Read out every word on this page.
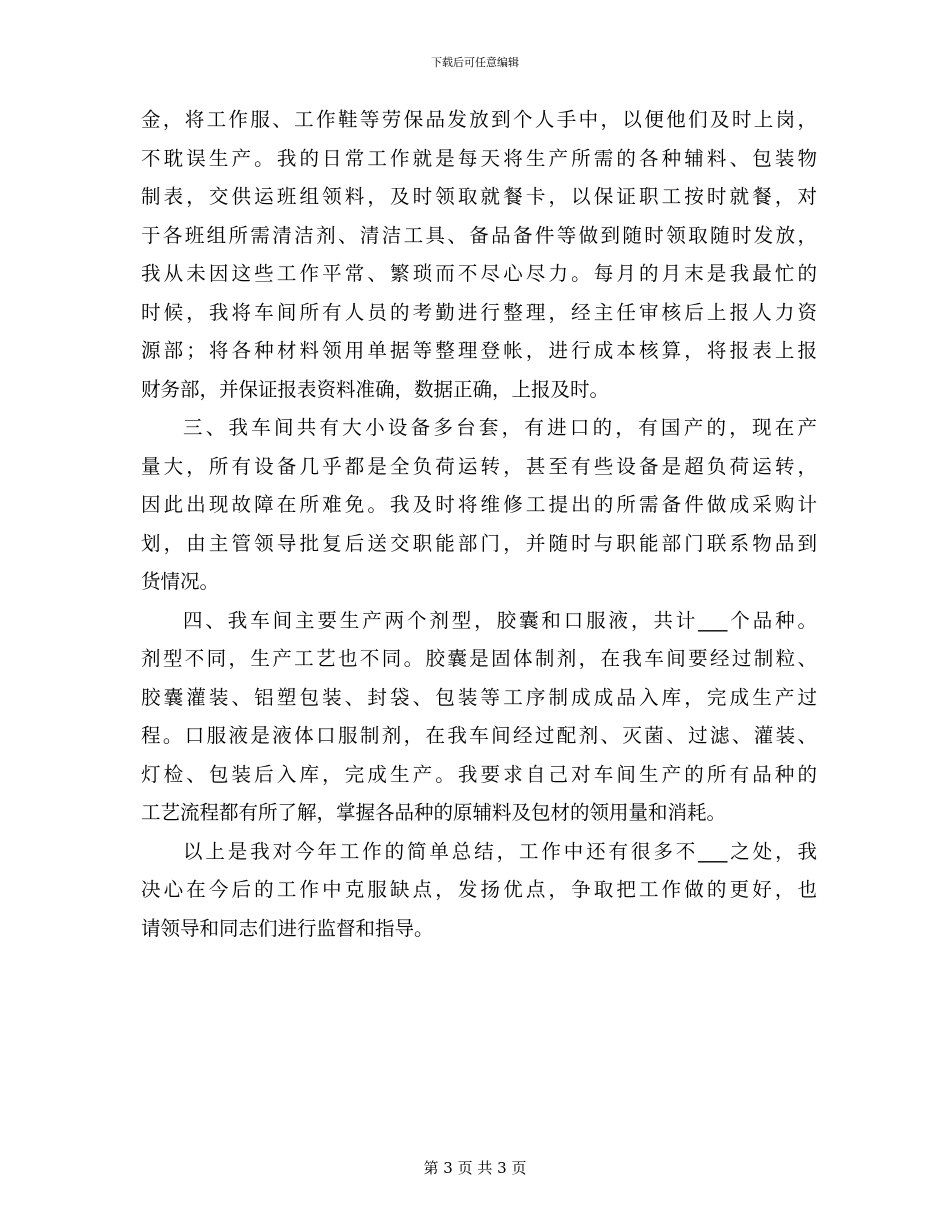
下载后可任意编辑
金，将工作服、工作鞋等劳保品发放到个人手中，以便他们及时上岗，
不耽误生产。我的日常工作就是每天将生产所需的各种辅料、包装物
制表，交供运班组领料，及时领取就餐卡，以保证职工按时就餐，对
于各班组所需清洁剂、清洁工具、备品备件等做到随时领取随时发放，
我从未因这些工作平常、繁琐而不尽心尽力。每月的月末是我最忙的
时候，我将车间所有人员的考勤进行整理，经主任审核后上报人力资
源部；将各种材料领用单据等整理登帐，进行成本核算，将报表上报
财务部，并保证报表资料准确，数据正确，上报及时。
三、我车间共有大小设备多台套，有进口的，有国产的，现在产
量大，所有设备几乎都是全负荷运转，甚至有些设备是超负荷运转，
因此出现故障在所难免。我及时将维修工提出的所需备件做成采购计
划，由主管领导批复后送交职能部门，并随时与职能部门联系物品到
货情况。
四、我车间主要生产两个剂型，胶囊和口服液，共计___个品种。
剂型不同，生产工艺也不同。胶囊是固体制剂，在我车间要经过制粒、
胶囊灌装、铝塑包装、封袋、包装等工序制成成品入库，完成生产过
程。口服液是液体口服制剂，在我车间经过配剂、灭菌、过滤、灌装、
灯检、包装后入库，完成生产。我要求自己对车间生产的所有品种的
工艺流程都有所了解，掌握各品种的原辅料及包材的领用量和消耗。
以上是我对今年工作的简单总结，工作中还有很多不___之处，我
决心在今后的工作中克服缺点，发扬优点，争取把工作做的更好，也
请领导和同志们进行监督和指导。
第 3 页 共 3 页
